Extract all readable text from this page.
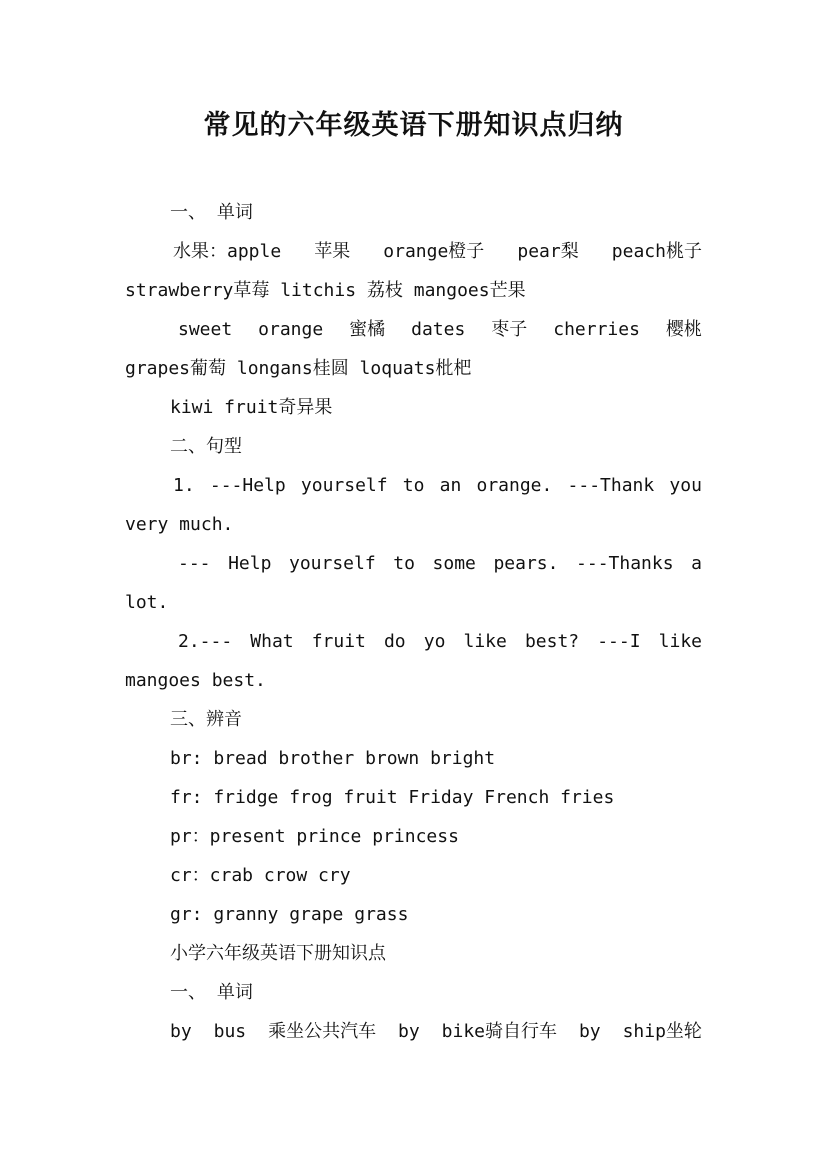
常见的六年级英语下册知识点归纳
一、 单词
水果：apple 苹果 orange橙子 pear梨 peach桃子
strawberry草莓 litchis 荔枝 mangoes芒果
sweet orange 蜜橘 dates 枣子 cherries 樱桃
grapes葡萄 longans桂圆 loquats枇杷
kiwi fruit奇异果
二、句型
1. ---Help yourself to an orange. ---Thank you
very much.
--- Help yourself to some pears. ---Thanks a
lot.
2.--- What fruit do yo like best? ---I like
mangoes best.
三、辨音
br: bread brother brown bright
fr: fridge frog fruit Friday French fries
pr：present prince princess
cr：crab crow cry
gr: granny grape grass
小学六年级英语下册知识点
一、 单词
by bus 乘坐公共汽车 by bike骑自行车 by ship坐轮
